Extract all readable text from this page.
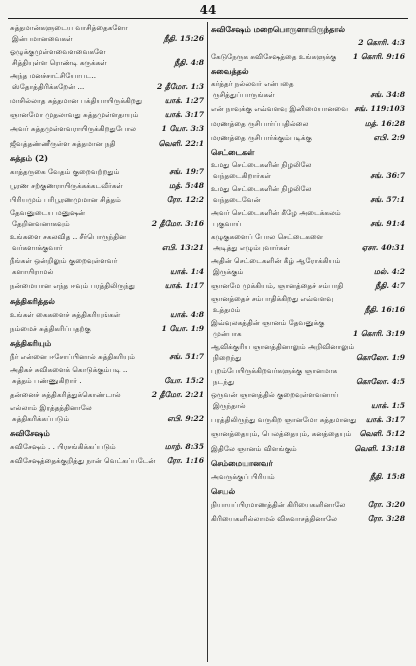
44
சுத்தமான்களுடைய வாசித்தைகளோ
இன்பமானவைகள்	நீதி. 15:26
ஓழுக்குமுள்ளவைளவைகளே
சித்தியுள்ள ரொண்டி கருக்கள்	நீதி. 4:8
அந்த மனச்சாட்சியோபட..
ஸ்தோத்திரிக்கறேன் ...	2 தீமோ. 1:3
மாசில்லாத சுத்தமான பக்தியாயிருக்கிறது	யாக். 1:27
ஞானமோ முதலாவது சுத்தமுள்ளதாயும்	யாக். 3:17
அவர் சுத்தமுள்ளவராயிருக்கிறதுபோல	1 யோ. 3:3
ஜீவத்தண்ணீருள்ள சுத்தமான நதி	வெளி. 22:1
சுத்தம் (2)
காத்தருகை வேதம் குறைவற்றதும்	சங். 19:7
பூரண சற்குணராயிருக்கக்கடவீர்கள்	மத். 5:48
பிரியமும் பரிபூரணமுமான சித்தம்	ரோ. 12:2
தேவனுடைய மனுஷன்
தேறினவனாகவும்	2 தீமோ. 3:16
உங்களை சகலவித .. சீர்பொருந்தின
வர்களாக்குவார்	எபி. 13:21
நீங்கள் ஒன்றிலும் குறைவுள்ளவர்
களாயிராமல்	யாக். 1:4
நன்மையான எந்த ஈவும் பரத்திலிருந்து	யாக். 1:17
சுத்திகரித்தல்
உங்கள் கைகளைச் சுத்திகரியுங்கள்	யாக். 4:8
நம்மைச் சுத்திகரிப்பதற்கு	1 யோ. 1:9
சுத்திகரியும்
நீர் என்னை ஈசோப்பினால் சுத்திகரியும்	சங். 51:7
அதிகச் சுவிகளைக் கொடுக்கும்படி ..
சுத்தம் பண்ணுகிறார் .	யோ. 15:2
தன்னைச் சுத்திகரித்துக்கொண்டால்	2 தீமோ. 2:21
எல்லாம் இரத்தத்தினாலே
சுத்திகரிக்கப்படும்	எபி. 9:22
சுவிசேஷம்
சுவிசேஷம் . . பிரசங்கிக்கப்படும்	மாற். 8:35
சுவிசேஷத்தைக்குறித்து நான் வெட்கப்படேன் ரோ. 1:16
சுவிசேஷம் மறைபொருளாயிருந்தால்
2 கொரி. 4:3
கேடுநேருக சுவிசேஷத்தை உங்களுக்கு 1 கொரி. 9:16
சுவைத்தல்
கர்த்தர் நல்லவர் என்பதை
ருசித்துப்பாருங்கள்	சங். 34:8
என் நாவுக்கு எவ்வளவு இனிமையானவை சங். 119:103
மரணத்தை ருசிபார்ப்பதில்லை	மத். 16:28
மரணத்தை ருசிபார்க்கும்படிக்கு	எபி. 2:9
செட்டைகள்
உமது செட்டைகளின் நிழலிலே
வந்தடைகிறார்கள்	சங். 36:7
உமது செட்டைகளின் நிழலிலே
வந்தடைவேன்	சங். 57:1
அவர் செட்டைகளின் கீழே அடைக்கலம்
புகுவாய்	சங். 91:4
கழுகுகளைப் போல செட்டைகளை
அடித்து எழும்புவார்கள்	ஏசா. 40:31
அதின் செட்டைகளின் கீழ் ஆரோக்கியம்
இருக்கும்	மல். 4:2
ஞானமே முக்கியம், ஞானத்தைச் சம்பாதி	நீதி. 4:7
ஞானத்தைச் சம்பாதிக்கிறது எவ்வளவு
உத்தமம்	நீதி. 16:16
இவ்வுலகத்தின் ஞானம் தேவனுக்கு
முன்பாக	1 கொரி. 3:19
ஆவிக்குரிய ஞானத்தினாலும் அறிவினாலும்
நிறைந்து	கொலோ. 1:9
புறம்பேயிருக்கிறவர்களுக்கு ஞானமாக
நடந்து	கொலோ. 4:5
ஒருவன் ஞானத்தில் குறைவுள்ளவனாய்
இருந்தால்	யாக். 1:5
பரத்திலிருந்து வருகிற ஞானமோ சுத்தமானது யாக். 3:17
ஞானத்தையும், பெலத்தையும், கனத்தையும் வெளி. 5:12
இதிலே ஞானம் விளங்கும்	வெளி. 13:18
செம்மையானவர்
அவருக்குப் பிரியம்	நீதி. 15:8
செயல்
நியாயப்பிரமாணத்தின் கிரியைகளினாலே	ரோ. 3:20
கிரியைகளில்லாமல் விசுவாசத்தினாலே	ரோ. 3:28
